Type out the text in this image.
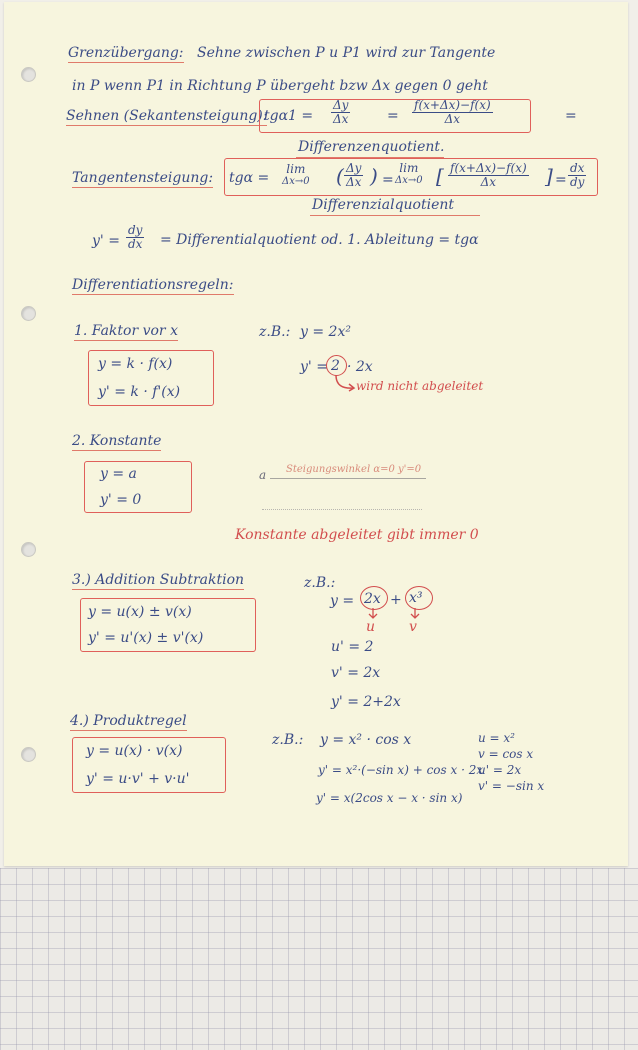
Grenzübergang: Sehne zwischen P u P1 wird zur Tangente
in P wenn P1 in Richtung P übergeht bzw Δx gegen 0 geht
Sehnen (Sekantensteigung):
$tg\alpha 1 = \frac{\Delta y}{\Delta x}$	= $\frac{f(x+\Delta x)-f(x)}{\Delta x}$	=
Differenzenquotient.
Tangentensteigung: tgα =
lim
Δx→0 ( $\frac{\Delta y}{\Delta x}$ ) =
lim
Δx→0 [ $\frac{f(x+\Delta x)-f(x)}{\Delta x}$ ] = $\frac{dx}{dy}$
Differenzialquotient
$y' = \frac{dy}{dx}$ = Differentialquotient od. 1. Ableitung = tgα
Differentiationsregeln:
1. Faktor vor x
y = k · f(x)
y' = k · f'(x)
z.B.: y = 2x²
y' = 2 · 2x
wird nicht abgeleitet
2. Konstante
y = a
y' = 0
a Steigungswinkel α=0 y'=0
Konstante abgeleitet gibt immer 0
3.) Addition Subtraktion
y = u(x) ± v(x)
y' = u'(x) ± v'(x)
z.B.:
y = 2x + x³
u v
u' = 2
v' = 2x
y' = 2+2x
4.) Produktregel
y = u(x) · v(x)
y' = u·v' + v·u'
z.B.: y = x² · cos x
y' = x²·(−sin x) + cos x · 2x
y' = x(2cos x − x · sin x)
u = x²
v = cos x
u' = 2x
v' = −sin x
